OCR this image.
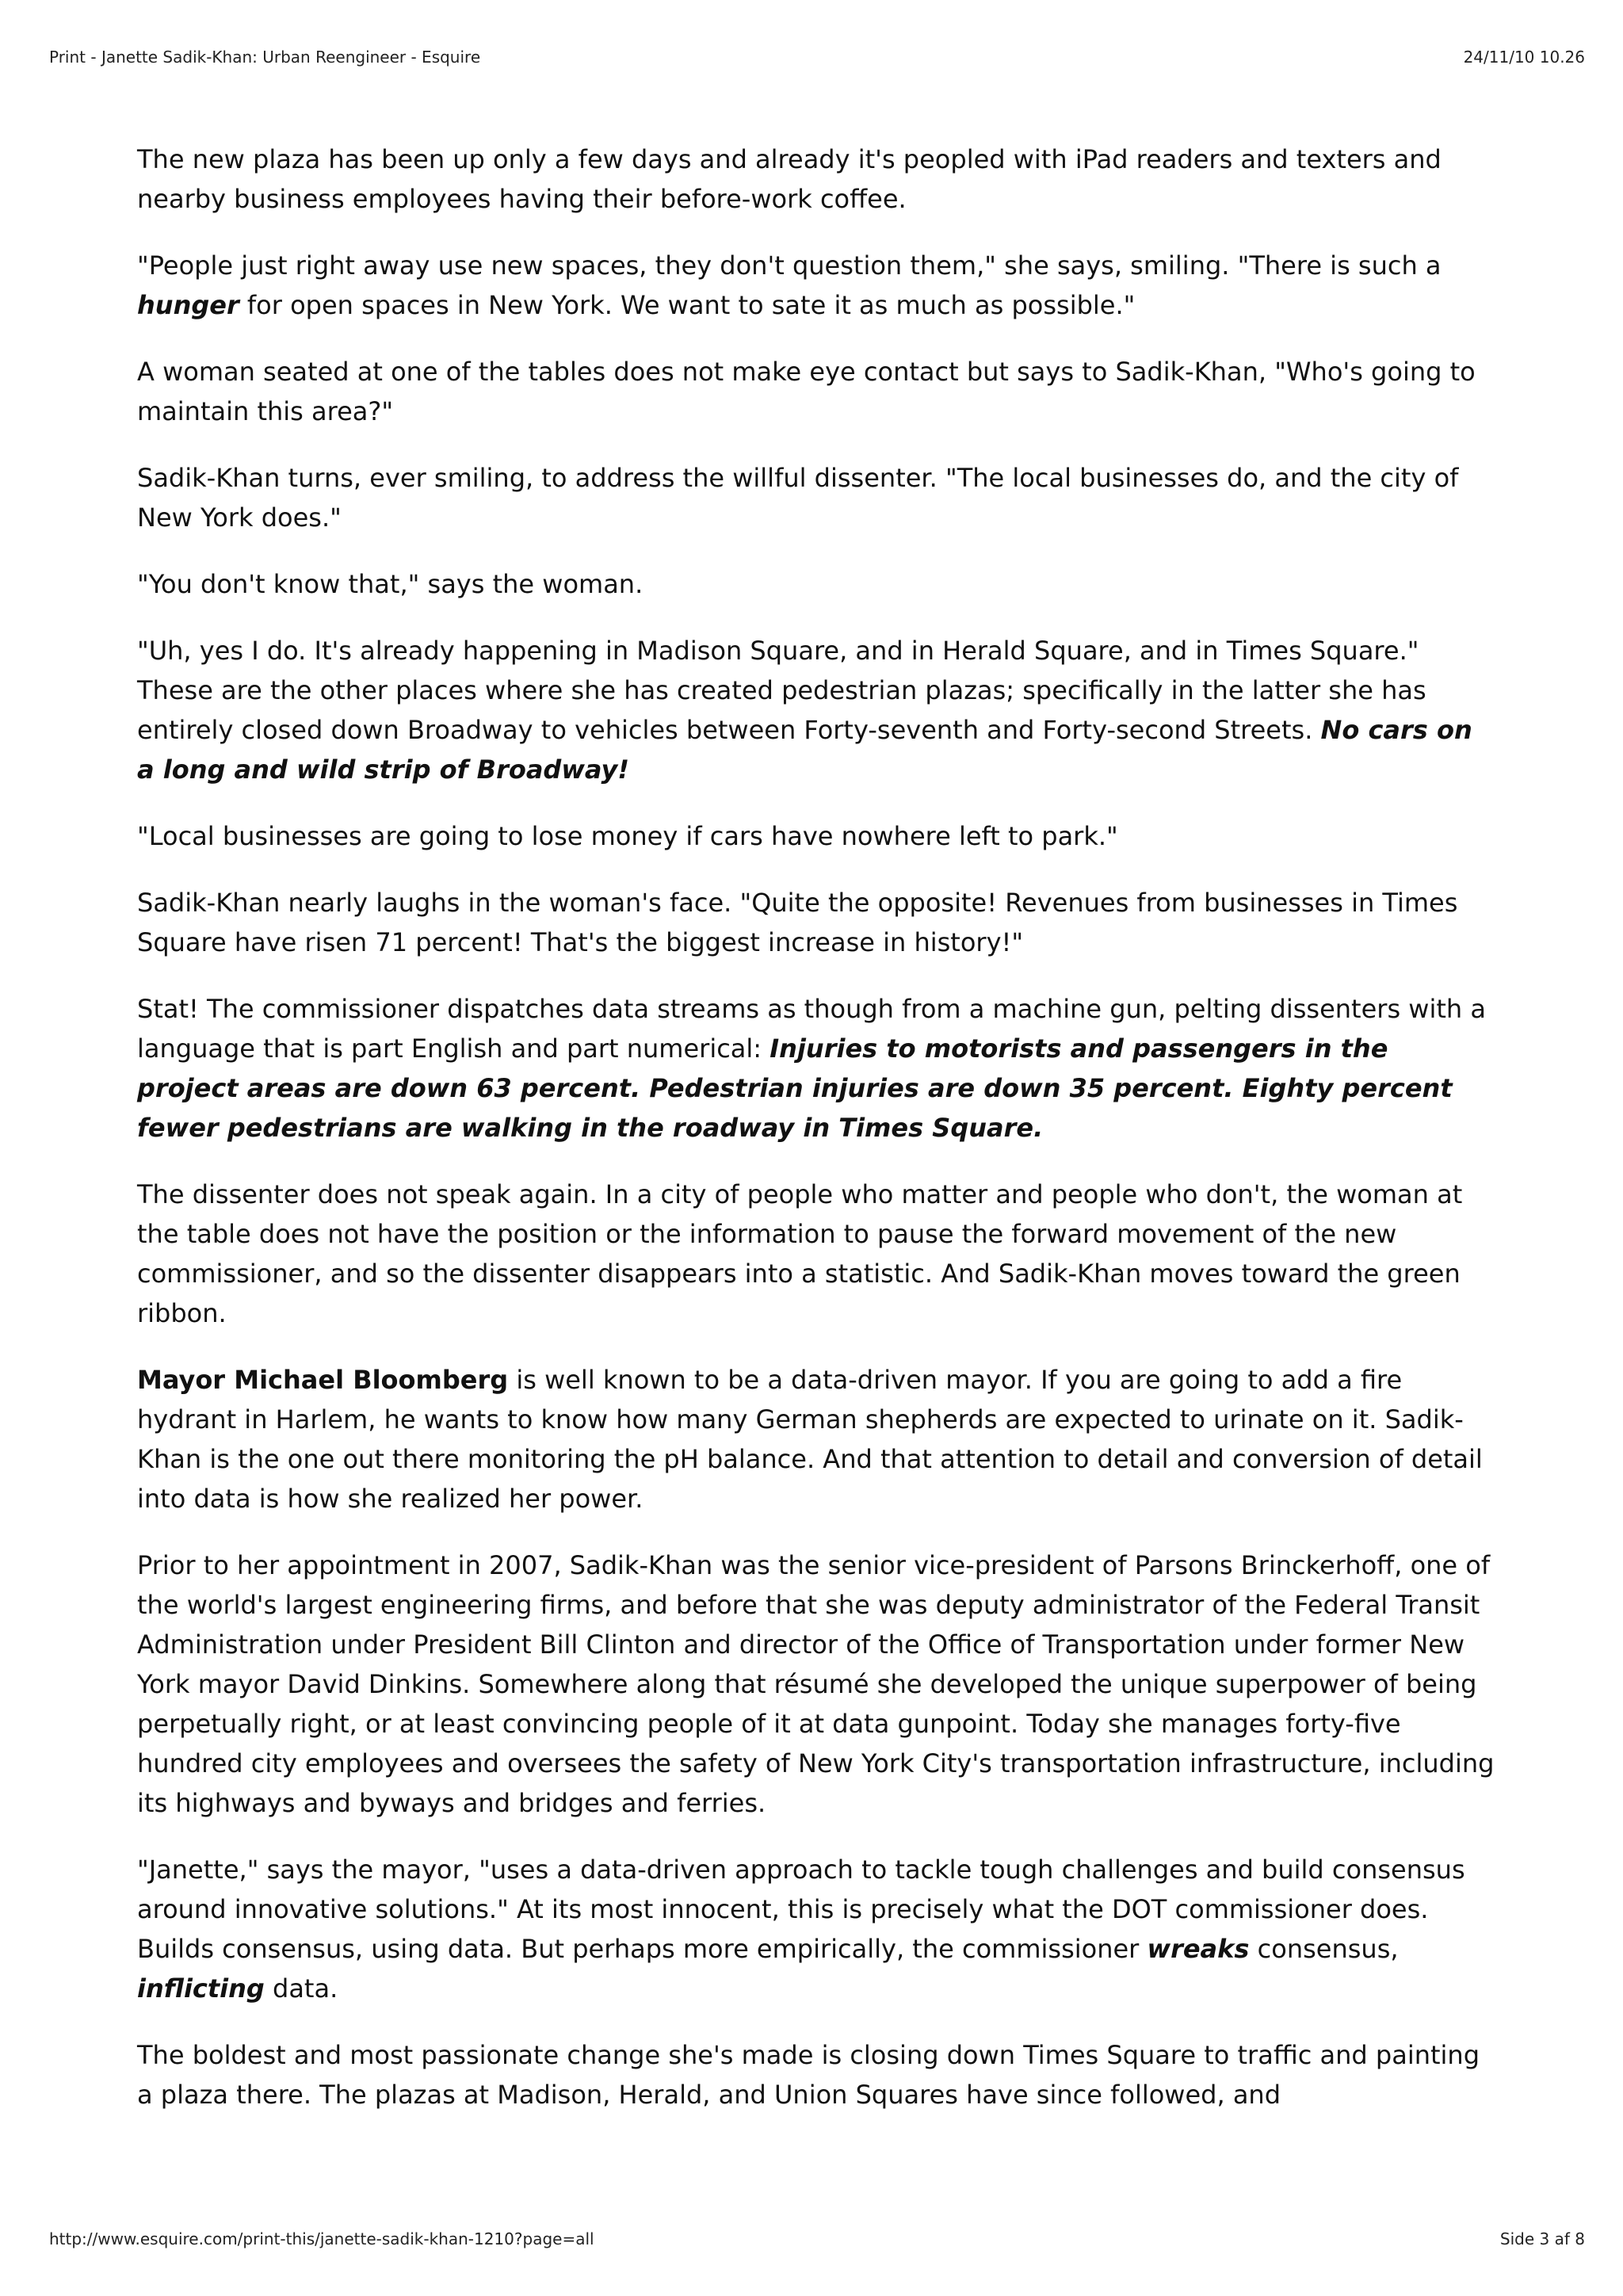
Print - Janette Sadik-Khan: Urban Reengineer - Esquire	24/11/10 10.26

The new plaza has been up only a few days and already it's peopled with iPad readers and texters and nearby business employees having their before-work coffee.

"People just right away use new spaces, they don't question them," she says, smiling. "There is such a hunger for open spaces in New York. We want to sate it as much as possible."

A woman seated at one of the tables does not make eye contact but says to Sadik-Khan, "Who's going to maintain this area?"

Sadik-Khan turns, ever smiling, to address the willful dissenter. "The local businesses do, and the city of New York does."

"You don't know that," says the woman.

"Uh, yes I do. It's already happening in Madison Square, and in Herald Square, and in Times Square." These are the other places where she has created pedestrian plazas; specifically in the latter she has entirely closed down Broadway to vehicles between Forty-seventh and Forty-second Streets. No cars on a long and wild strip of Broadway!

"Local businesses are going to lose money if cars have nowhere left to park."

Sadik-Khan nearly laughs in the woman's face. "Quite the opposite! Revenues from businesses in Times Square have risen 71 percent! That's the biggest increase in history!"

Stat! The commissioner dispatches data streams as though from a machine gun, pelting dissenters with a language that is part English and part numerical: Injuries to motorists and passengers in the project areas are down 63 percent. Pedestrian injuries are down 35 percent. Eighty percent fewer pedestrians are walking in the roadway in Times Square.

The dissenter does not speak again. In a city of people who matter and people who don't, the woman at the table does not have the position or the information to pause the forward movement of the new commissioner, and so the dissenter disappears into a statistic. And Sadik-Khan moves toward the green ribbon.

Mayor Michael Bloomberg is well known to be a data-driven mayor. If you are going to add a fire hydrant in Harlem, he wants to know how many German shepherds are expected to urinate on it. Sadik-Khan is the one out there monitoring the pH balance. And that attention to detail and conversion of detail into data is how she realized her power.

Prior to her appointment in 2007, Sadik-Khan was the senior vice-president of Parsons Brinckerhoff, one of the world's largest engineering firms, and before that she was deputy administrator of the Federal Transit Administration under President Bill Clinton and director of the Office of Transportation under former New York mayor David Dinkins. Somewhere along that résumé she developed the unique superpower of being perpetually right, or at least convincing people of it at data gunpoint. Today she manages forty-five hundred city employees and oversees the safety of New York City's transportation infrastructure, including its highways and byways and bridges and ferries.

"Janette," says the mayor, "uses a data-driven approach to tackle tough challenges and build consensus around innovative solutions." At its most innocent, this is precisely what the DOT commissioner does. Builds consensus, using data. But perhaps more empirically, the commissioner wreaks consensus, inflicting data.

The boldest and most passionate change she's made is closing down Times Square to traffic and painting a plaza there. The plazas at Madison, Herald, and Union Squares have since followed, and

http://www.esquire.com/print-this/janette-sadik-khan-1210?page=all	Side 3 af 8
